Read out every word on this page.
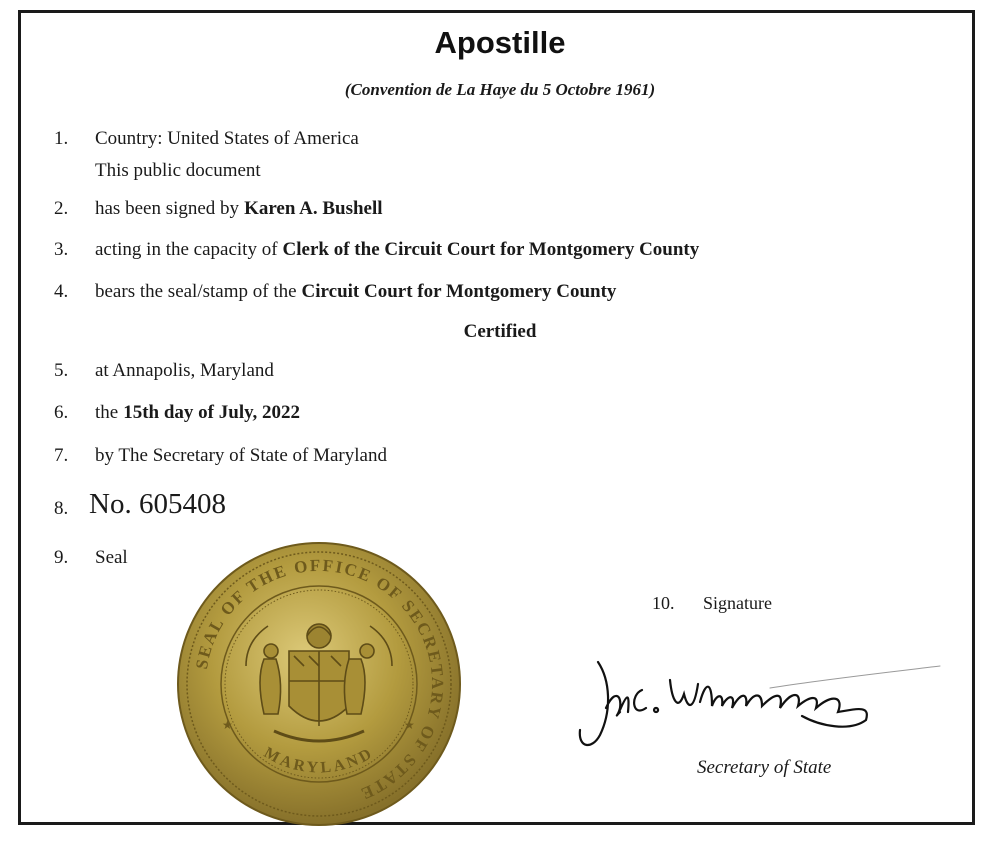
Apostille
(Convention de La Haye du 5 Octobre 1961)
1. Country: United States of America
This public document
2. has been signed by Karen A. Bushell
3. acting in the capacity of Clerk of the Circuit Court for Montgomery County
4. bears the seal/stamp of the Circuit Court for Montgomery County
Certified
5. at Annapolis, Maryland
6. the 15th day of July, 2022
7. by The Secretary of State of Maryland
8. No. 605408
9. Seal
SEAL OF THE OFFICE OF SECRETARY OF STATE
MARYLAND
★	★
10. Signature
Secretary of State
